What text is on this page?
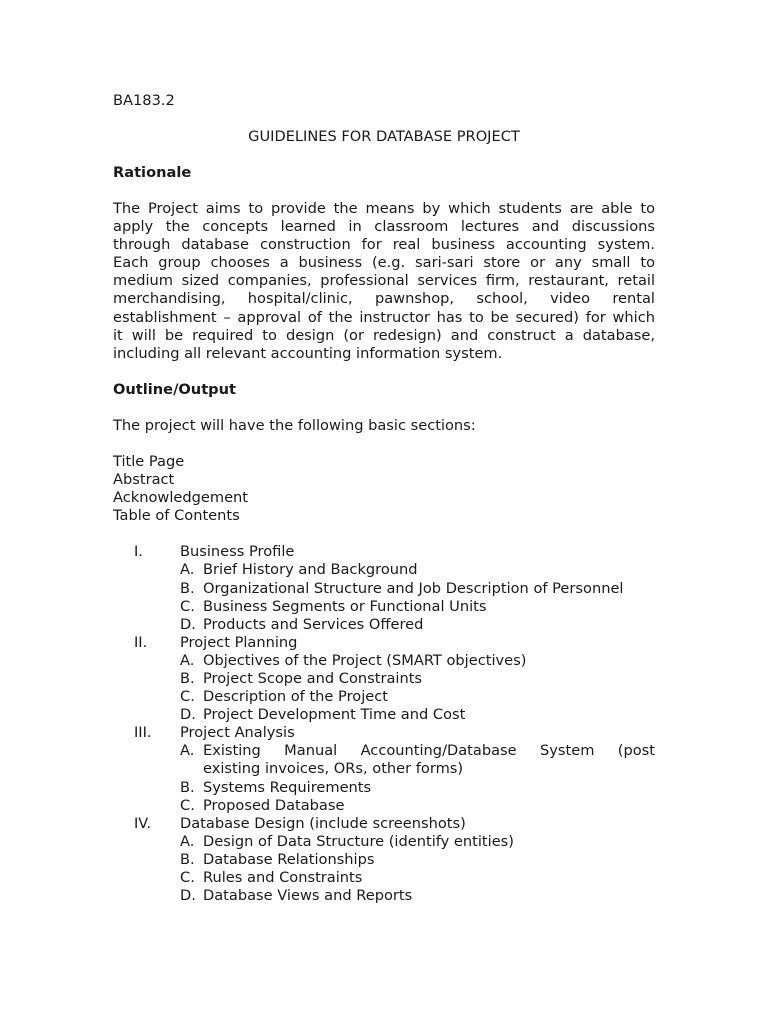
BA183.2
GUIDELINES FOR DATABASE PROJECT
Rationale
The Project aims to provide the means by which students are able to
apply the concepts learned in classroom lectures and discussions
through database construction for real business accounting system.
Each group chooses a business (e.g. sari-sari store or any small to
medium sized companies, professional services firm, restaurant, retail
merchandising, hospital/clinic, pawnshop, school, video rental
establishment – approval of the instructor has to be secured) for which
it will be required to design (or redesign) and construct a database,
including all relevant accounting information system.
Outline/Output
The project will have the following basic sections:
Title Page
Abstract
Acknowledgement
Table of Contents
I.	Business Profile
A. Brief History and Background
B. Organizational Structure and Job Description of Personnel
C. Business Segments or Functional Units
D. Products and Services Offered
II. Project Planning
A. Objectives of the Project (SMART objectives)
B. Project Scope and Constraints
C. Description of the Project
D. Project Development Time and Cost
III. Project Analysis
A. Existing Manual Accounting/Database System (post
existing invoices, ORs, other forms)
B. Systems Requirements
C. Proposed Database
IV. Database Design (include screenshots)
A. Design of Data Structure (identify entities)
B. Database Relationships
C. Rules and Constraints
D. Database Views and Reports
